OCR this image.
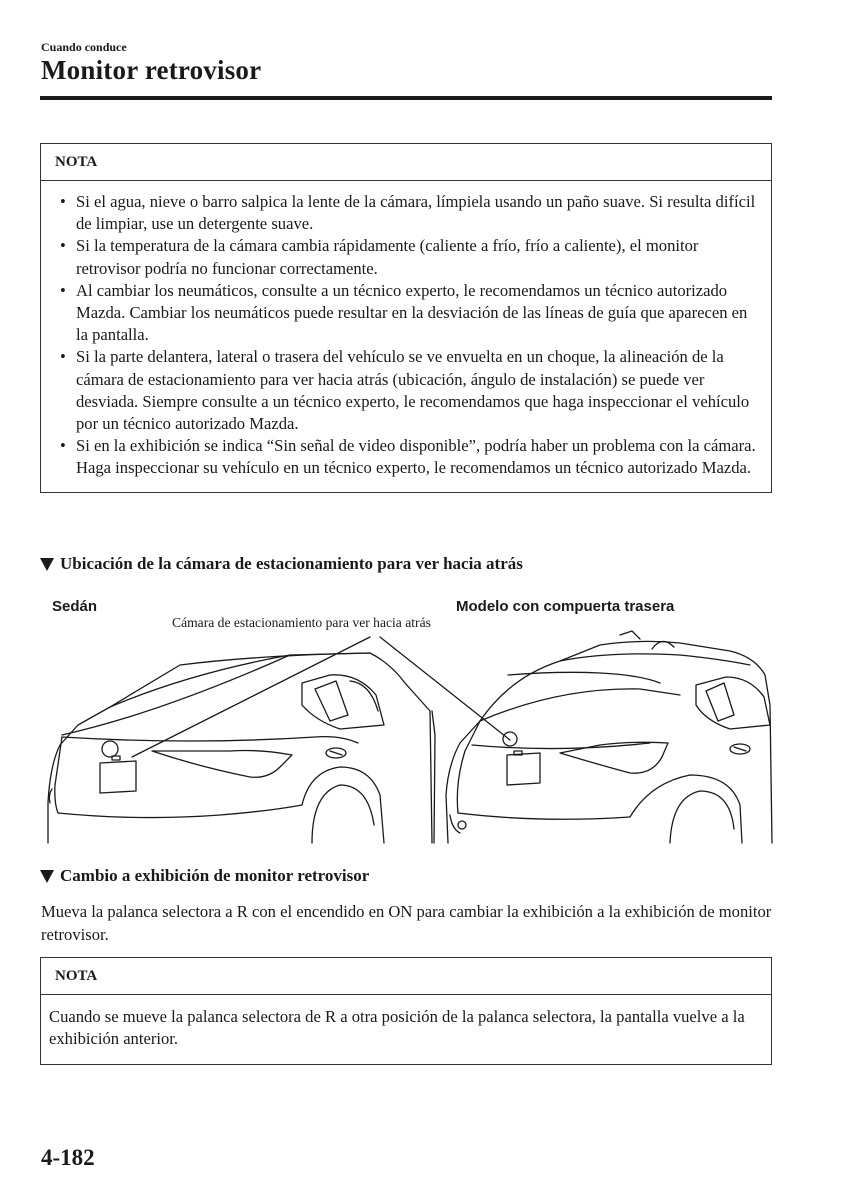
Cuando conduce
Monitor retrovisor
NOTA
• Si el agua, nieve o barro salpica la lente de la cámara, límpiela usando un paño suave. Si resulta difícil de limpiar, use un detergente suave.
• Si la temperatura de la cámara cambia rápidamente (caliente a frío, frío a caliente), el monitor retrovisor podría no funcionar correctamente.
• Al cambiar los neumáticos, consulte a un técnico experto, le recomendamos un técnico autorizado Mazda. Cambiar los neumáticos puede resultar en la desviación de las líneas de guía que aparecen en la pantalla.
• Si la parte delantera, lateral o trasera del vehículo se ve envuelta en un choque, la alineación de la cámara de estacionamiento para ver hacia atrás (ubicación, ángulo de instalación) se puede ver desviada. Siempre consulte a un técnico experto, le recomendamos que haga inspeccionar el vehículo por un técnico autorizado Mazda.
• Si en la exhibición se indica “Sin señal de video disponible”, podría haber un problema con la cámara. Haga inspeccionar su vehículo en un técnico experto, le recomendamos un técnico autorizado Mazda.
Ubicación de la cámara de estacionamiento para ver hacia atrás
Sedán	Modelo con compuerta trasera
Cámara de estacionamiento para ver hacia atrás
Cambio a exhibición de monitor retrovisor
Mueva la palanca selectora a R con el encendido en ON para cambiar la exhibición a la exhibición de monitor retrovisor.
NOTA
Cuando se mueve la palanca selectora de R a otra posición de la palanca selectora, la pantalla vuelve a la exhibición anterior.
4-182
